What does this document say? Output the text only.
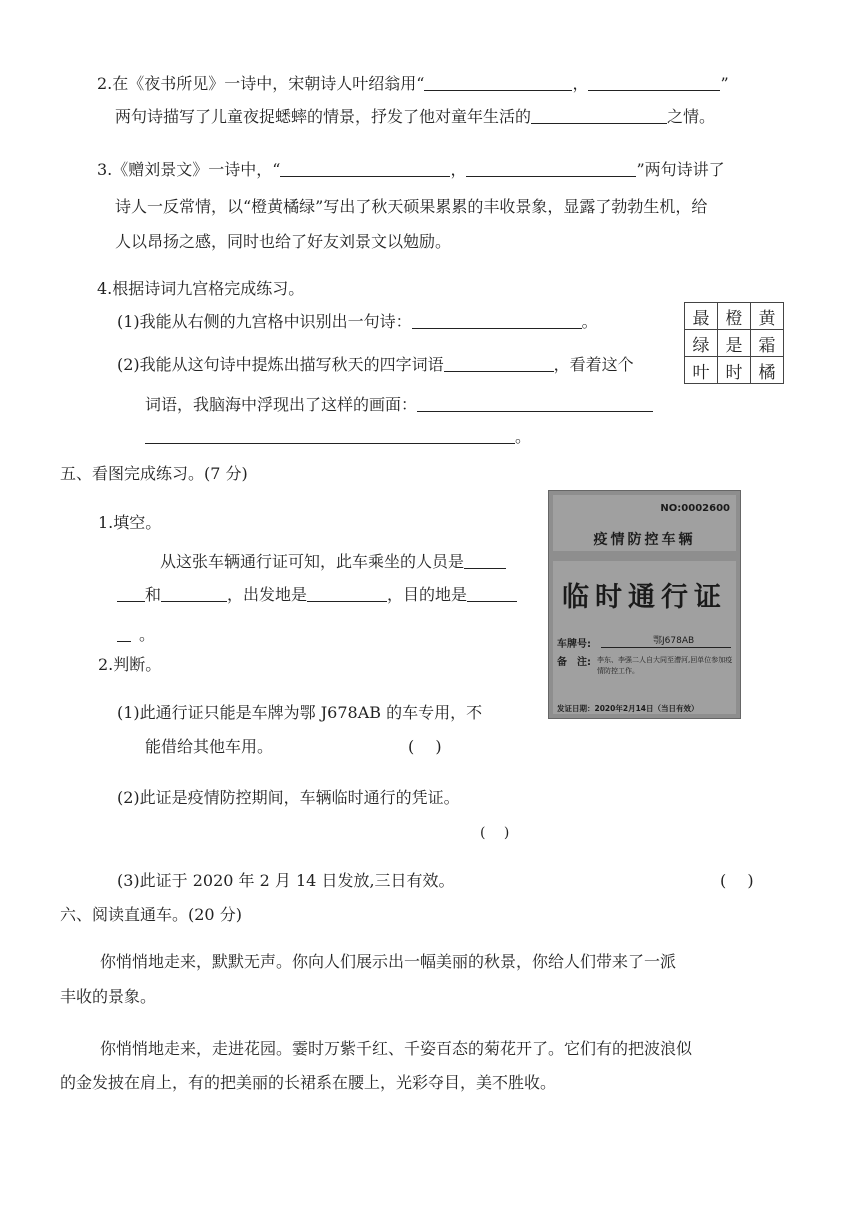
2.在《夜书所见》一诗中，宋朝诗人叶绍翁用“	，	”
两句诗描写了儿童夜捉蟋蟀的情景，抒发了他对童年生活的	之情。
3.《赠刘景文》一诗中，“	，	”两句诗讲了
诗人一反常情，以“橙黄橘绿”写出了秋天硕果累累的丰收景象，显露了勃勃生机，给
人以昂扬之感，同时也给了好友刘景文以勉励。
4.根据诗词九宫格完成练习。
(1)我能从右侧的九宫格中识别出一句诗：	。
(2)我能从这句诗中提炼出描写秋天的四字词语	，看着这个
词语，我脑海中浮现出了这样的画面：
。
最	橙	黄
绿	是	霜
叶	时	橘
五、看图完成练习。(7 分)
1.填空。
从这张车辆通行证可知，此车乘坐的人员是
和	，出发地是	，目的地是
。
2.判断。
(1)此通行证只能是车牌为鄂 J678AB 的车专用，不
能借给其他车用。	(　 )
(2)此证是疫情防控期间，车辆临时通行的凭证。
(　 )
(3)此证于 2020 年 2 月 14 日发放,三日有效。	(　 )
NO:0002600
疫情防控车辆
临时通行证
车牌号:	鄂J678AB
备　注: 李东、李强二人自大同至漕河,回单位参加疫情防控工作。
发证日期：2020年2月14日（当日有效）
六、阅读直通车。(20 分)
你悄悄地走来，默默无声。你向人们展示出一幅美丽的秋景，你给人们带来了一派
丰收的景象。
你悄悄地走来，走进花园。霎时万紫千红、千姿百态的菊花开了。它们有的把波浪似
的金发披在肩上，有的把美丽的长裙系在腰上，光彩夺目，美不胜收。
